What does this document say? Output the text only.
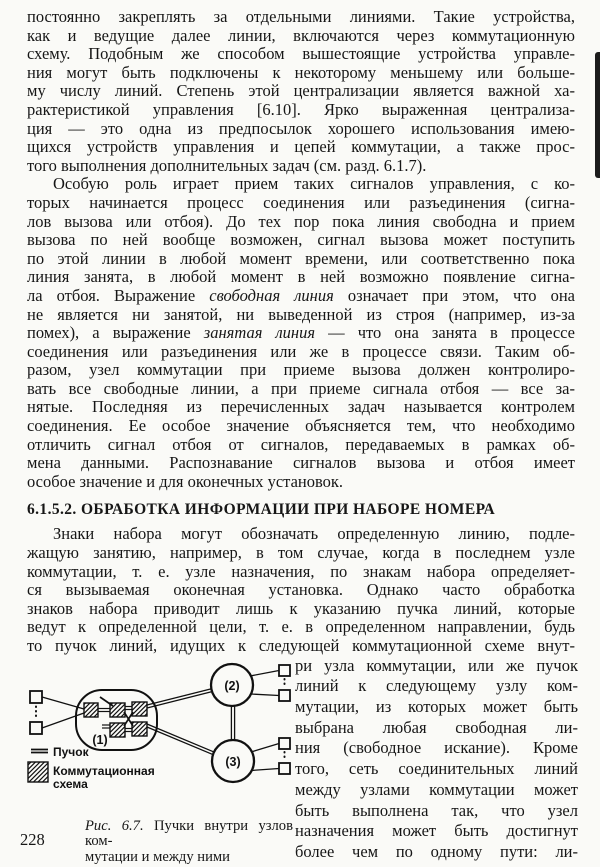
постоянно закреплять за отдельными линиями. Такие устройства,
как и ведущие далее линии, включаются через коммутационную
схему. Подобным же способом вышестоящие устройства управле-
ния могут быть подключены к некоторому меньшему или больше-
му числу линий. Степень этой централизации является важной ха-
рактеристикой управления [6.10]. Ярко выраженная централиза-
ция — это одна из предпосылок хорошего использования имею-
щихся устройств управления и цепей коммутации, а также прос-
того выполнения дополнительных задач (см. разд. 6.1.7).
Особую роль играет прием таких сигналов управления, с ко-
торых начинается процесс соединения или разъединения (сигна-
лов вызова или отбоя). До тех пор пока линия свободна и прием
вызова по ней вообще возможен, сигнал вызова может поступить
по этой линии в любой момент времени, или соответственно пока
линия занята, в любой момент в ней возможно появление сигна-
ла отбоя. Выражение свободная линия означает при этом, что она
не является ни занятой, ни выведенной из строя (например, из-за
помех), а выражение занятая линия — что она занята в процессе
соединения или разъединения или же в процессе связи. Таким об-
разом, узел коммутации при приеме вызова должен контролиро-
вать все свободные линии, а при приеме сигнала отбоя — все за-
нятые. Последняя из перечисленных задач называется контролем
соединения. Ее особое значение объясняется тем, что необходимо
отличить сигнал отбоя от сигналов, передаваемых в рамках об-
мена данными. Распознавание сигналов вызова и отбоя имеет
особое значение и для оконечных установок.
6.1.5.2. ОБРАБОТКА ИНФОРМАЦИИ ПРИ НАБОРЕ НОМЕРА
Знаки набора могут обозначать определенную линию, подле-
жащую занятию, например, в том случае, когда в последнем узле
коммутации, т. е. узле назначения, по знакам набора определяет-
ся вызываемая оконечная установка. Однако часто обработка
знаков набора приводит лишь к указанию пучка линий, которые
ведут к определенной цели, т. е. в определенном направлении, будь
то пучок линий, идущих к следующей коммутационной схеме внут-
(1)
(2)
(3)
Пучок
Коммутационная
схема
Рис. 6.7. Пучки внутри узлов ком-
мутации и между ними
228
ри узла коммутации, или же пучок
линий к следующему узлу ком-
мутации, из которых может быть
выбрана любая свободная ли-
ния (свободное искание). Кроме
того, сеть соединительных линий
между узлами коммутации может
быть выполнена так, что узел
назначения может быть достигнут
более чем по одному пути: ли-
